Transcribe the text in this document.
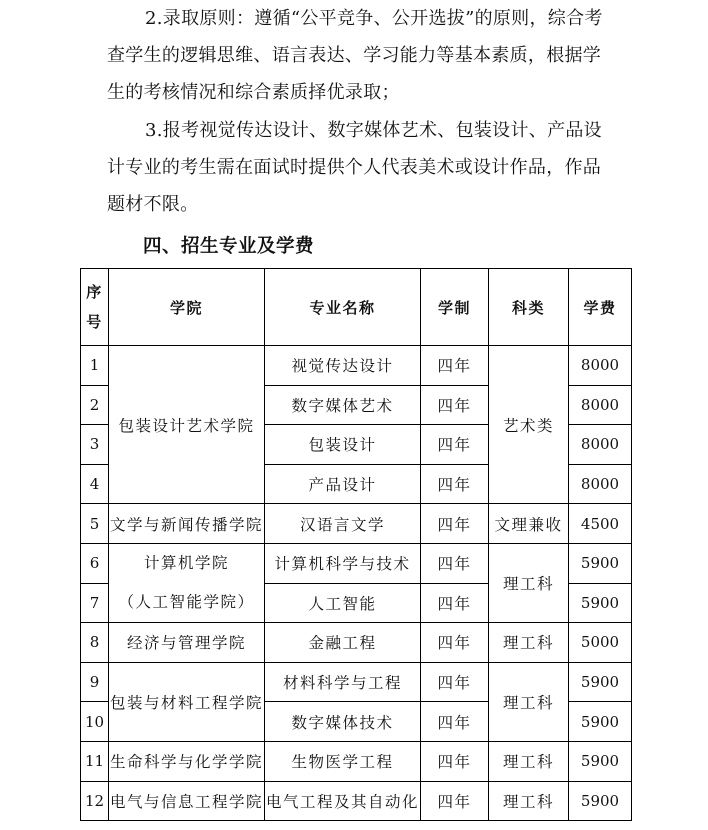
2.录取原则：遵循“公平竞争、公开选拔”的原则，综合考查学生的逻辑思维、语言表达、学习能力等基本素质，根据学生的考核情况和综合素质择优录取；

3.报考视觉传达设计、数字媒体艺术、包装设计、产品设计专业的考生需在面试时提供个人代表美术或设计作品，作品题材不限。

四、招生专业及学费
序
号	学院	专业名称	学制	科类	学费
1	包装设计艺术学院	视觉传达设计	四年	艺术类	8000
2		数字媒体艺术	四年		8000
3		包装设计	四年		8000
4		产品设计	四年		8000
5	文学与新闻传播学院	汉语言文学	四年	文理兼收	4500
6	计算机学院
（人工智能学院）	计算机科学与技术	四年	理工科	5900
7		人工智能	四年		5900
8	经济与管理学院	金融工程	四年	理工科	5000
9	包装与材料工程学院	材料科学与工程	四年	理工科	5900
10		数字媒体技术	四年		5900
11	生命科学与化学学院	生物医学工程	四年	理工科	5900
12	电气与信息工程学院	电气工程及其自动化	四年	理工科	5900
